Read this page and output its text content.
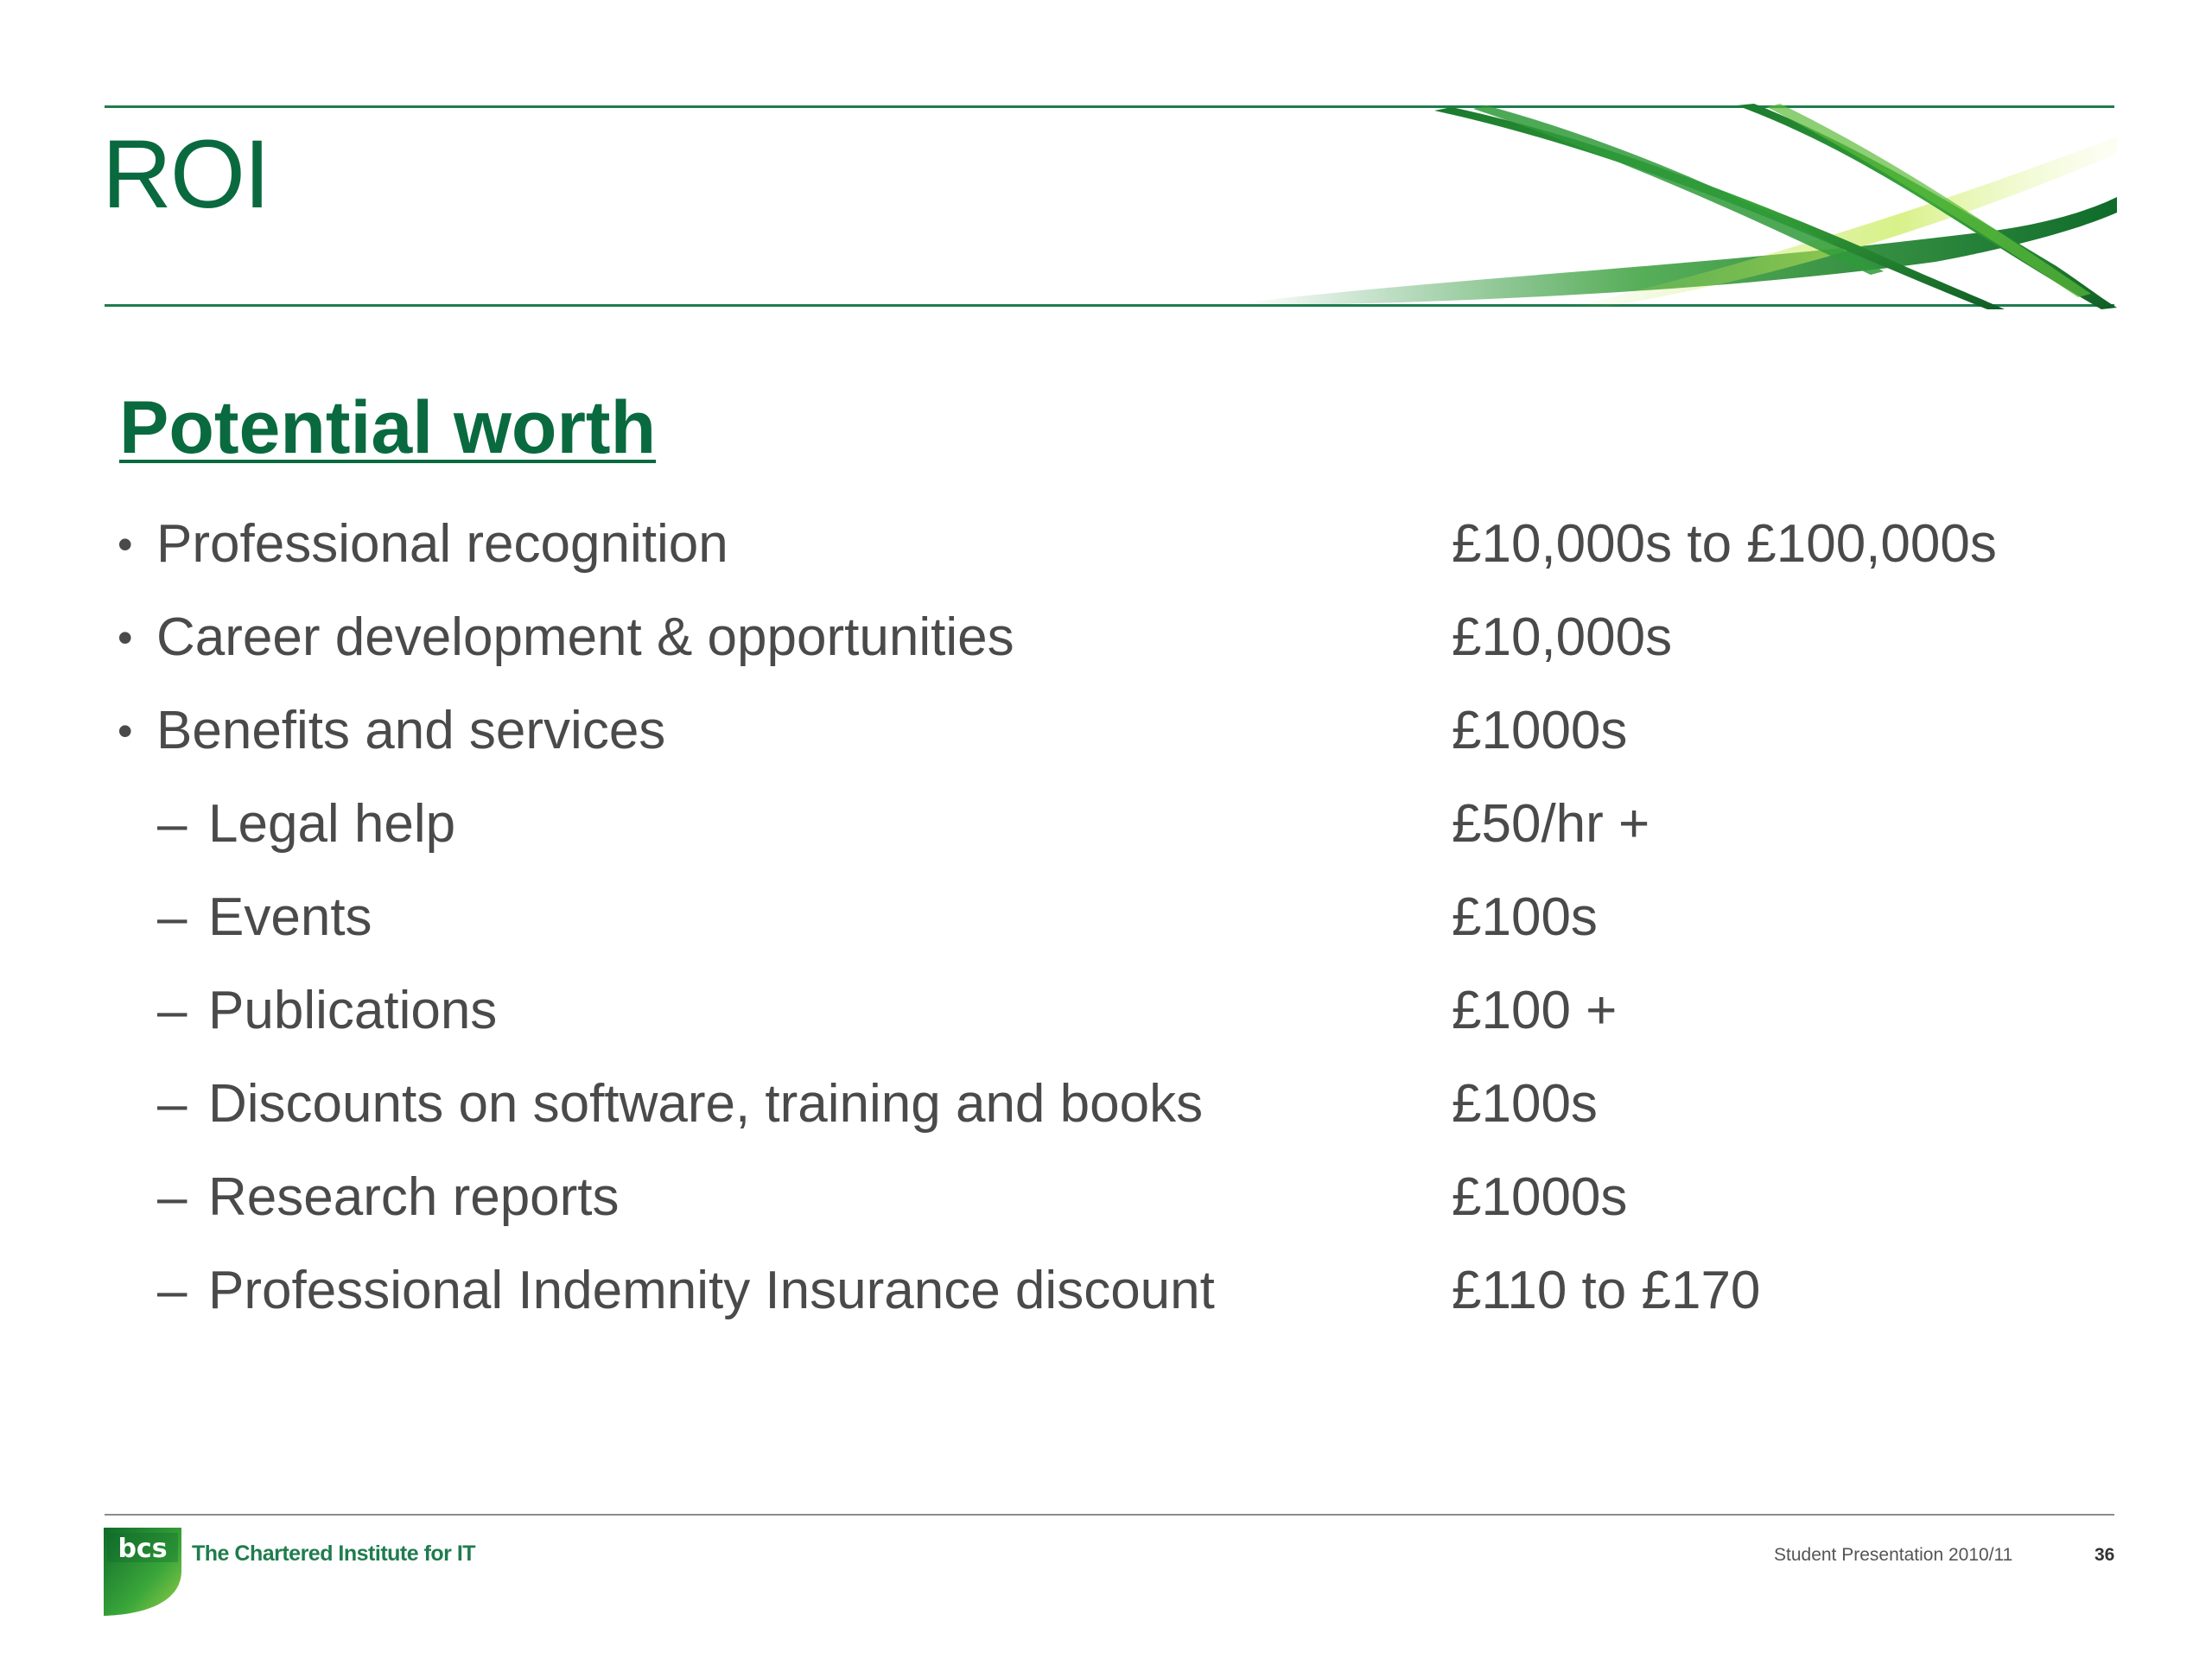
ROI
Potential worth
• Professional recognition	£10,000s to £100,000s
• Career development & opportunities	£10,000s
• Benefits and services	£1000s
– Legal help	£50/hr +
– Events	£100s
– Publications	£100 +
– Discounts on software, training and books	£100s
– Research reports	£1000s
– Professional Indemnity Insurance discount	£110 to £170
bcs The Chartered Institute for IT	Student Presentation 2010/11	36
